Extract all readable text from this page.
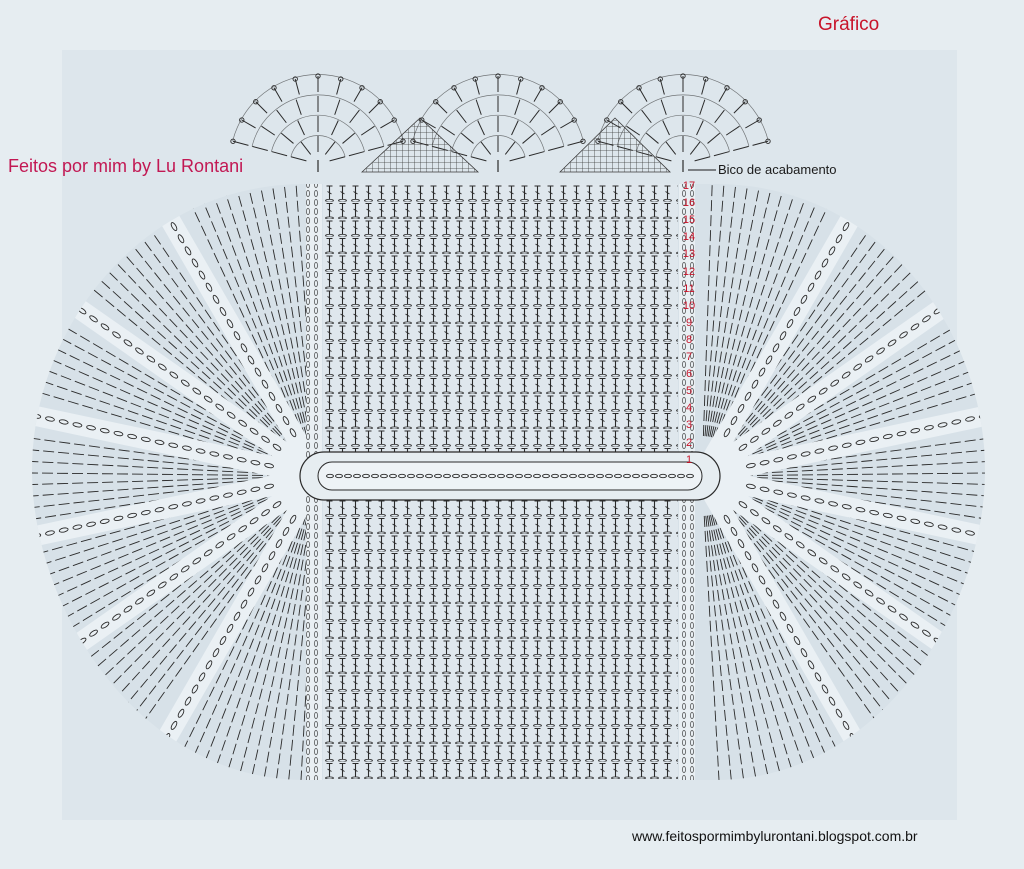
Gráfico
Feitos por mim by Lu Rontani	Bico de acabamento
17
16
15
14
13
12
11
10
9
8
7
6
5
4
3
2
1
www.feitospormimbylurontani.blogspot.com.br
